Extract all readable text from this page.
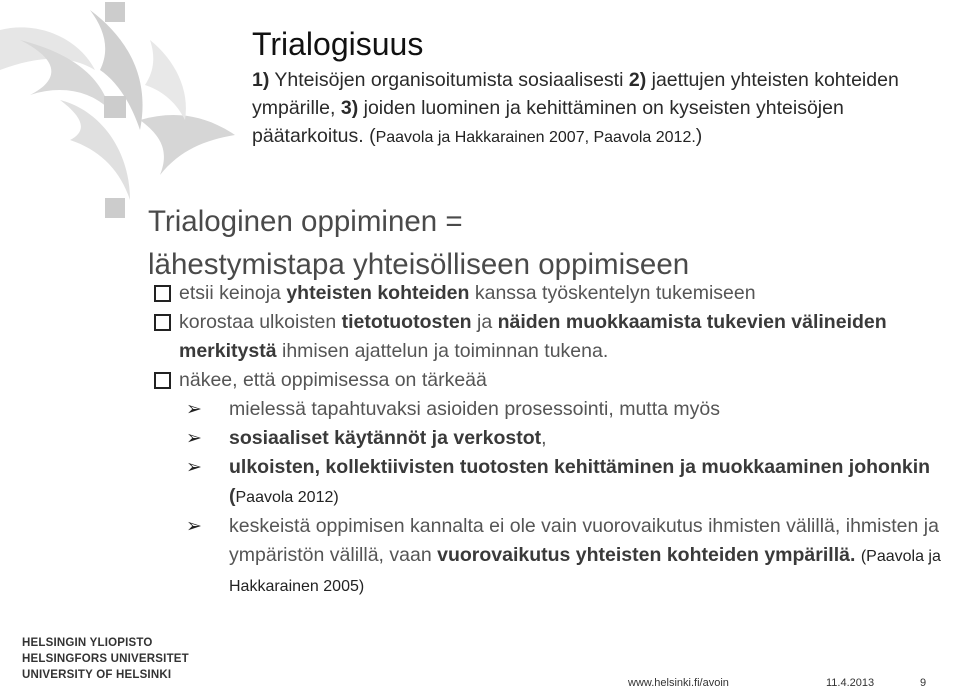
Trialogisuus
1) Yhteisöjen organisoitumista sosiaalisesti 2) jaettujen yhteisten kohteiden ympärille, 3) joiden luominen ja kehittäminen on kyseisten yhteisöjen päätarkoitus. (Paavola ja Hakkarainen 2007, Paavola 2012.)
Trialoginen oppiminen =
lähestymistapa yhteisölliseen oppimiseen
etsii keinoja yhteisten kohteiden kanssa työskentelyn tukemiseen
korostaa ulkoisten tietotuotosten ja näiden muokkaamista tukevien välineiden merkitystä ihmisen ajattelun ja toiminnan tukena.
näkee, että oppimisessa on tärkeää
➢ mielessä tapahtuvaksi asioiden prosessointi, mutta myös
➢ sosiaaliset käytännöt ja verkostot,
➢ ulkoisten, kollektiivisten tuotosten kehittäminen ja muokkaaminen johonkin (Paavola 2012)
➢ keskeistä oppimisen kannalta ei ole vain vuorovaikutus ihmisten välillä, ihmisten ja ympäristön välillä, vaan vuorovaikutus yhteisten kohteiden ympärillä. (Paavola ja Hakkarainen 2005)
HELSINGIN YLIOPISTO
HELSINGFORS UNIVERSITET
UNIVERSITY OF HELSINKI
www.helsinki.fi/avoin	11.4.2013	9
